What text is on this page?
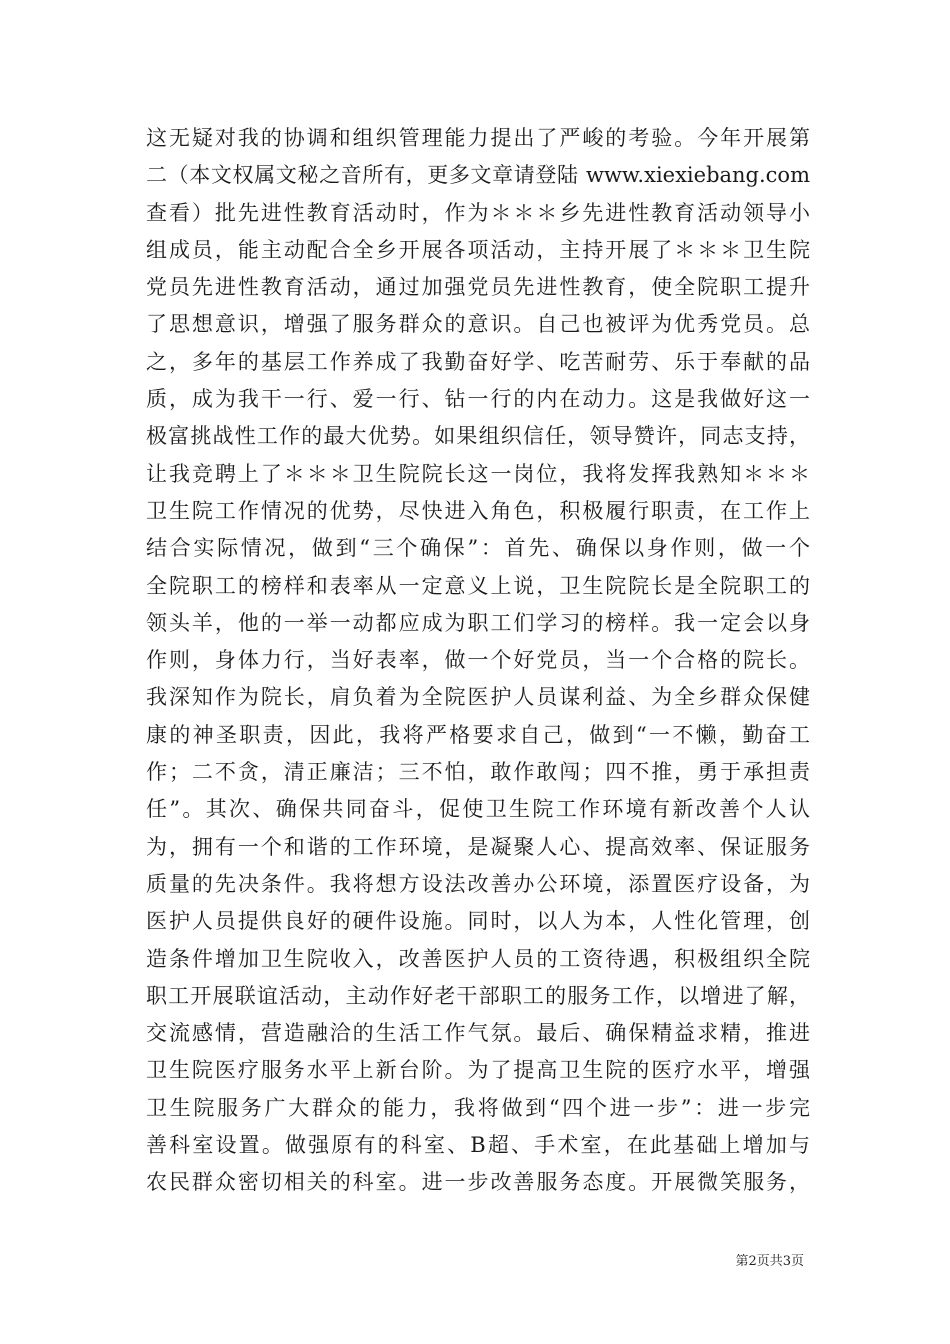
这无疑对我的协调和组织管理能力提出了严峻的考验。今年开展第
二（本文权属文秘之音所有，更多文章请登陆 www.xiexiebang.com
查看）批先进性教育活动时，作为＊＊＊乡先进性教育活动领导小
组成员，能主动配合全乡开展各项活动，主持开展了＊＊＊卫生院
党员先进性教育活动，通过加强党员先进性教育，使全院职工提升
了思想意识，增强了服务群众的意识。自己也被评为优秀党员。总
之，多年的基层工作养成了我勤奋好学、吃苦耐劳、乐于奉献的品
质，成为我干一行、爱一行、钻一行的内在动力。这是我做好这一
极富挑战性工作的最大优势。如果组织信任，领导赞许，同志支持，
让我竞聘上了＊＊＊卫生院院长这一岗位，我将发挥我熟知＊＊＊
卫生院工作情况的优势，尽快进入角色，积极履行职责，在工作上
结合实际情况，做到“三个确保”：首先、确保以身作则，做一个
全院职工的榜样和表率从一定意义上说，卫生院院长是全院职工的
领头羊，他的一举一动都应成为职工们学习的榜样。我一定会以身
作则，身体力行，当好表率，做一个好党员，当一个合格的院长。
我深知作为院长，肩负着为全院医护人员谋利益、为全乡群众保健
康的神圣职责，因此，我将严格要求自己，做到“一不懒，勤奋工
作；二不贪，清正廉洁；三不怕，敢作敢闯；四不推，勇于承担责
任”。其次、确保共同奋斗，促使卫生院工作环境有新改善个人认
为，拥有一个和谐的工作环境，是凝聚人心、提高效率、保证服务
质量的先决条件。我将想方设法改善办公环境，添置医疗设备，为
医护人员提供良好的硬件设施。同时，以人为本，人性化管理，创
造条件增加卫生院收入，改善医护人员的工资待遇，积极组织全院
职工开展联谊活动，主动作好老干部职工的服务工作，以增进了解，
交流感情，营造融洽的生活工作气氛。最后、确保精益求精，推进
卫生院医疗服务水平上新台阶。为了提高卫生院的医疗水平，增强
卫生院服务广大群众的能力，我将做到“四个进一步”：进一步完
善科室设置。做强原有的科室、B超、手术室，在此基础上增加与
农民群众密切相关的科室。进一步改善服务态度。开展微笑服务，
第2页共3页
